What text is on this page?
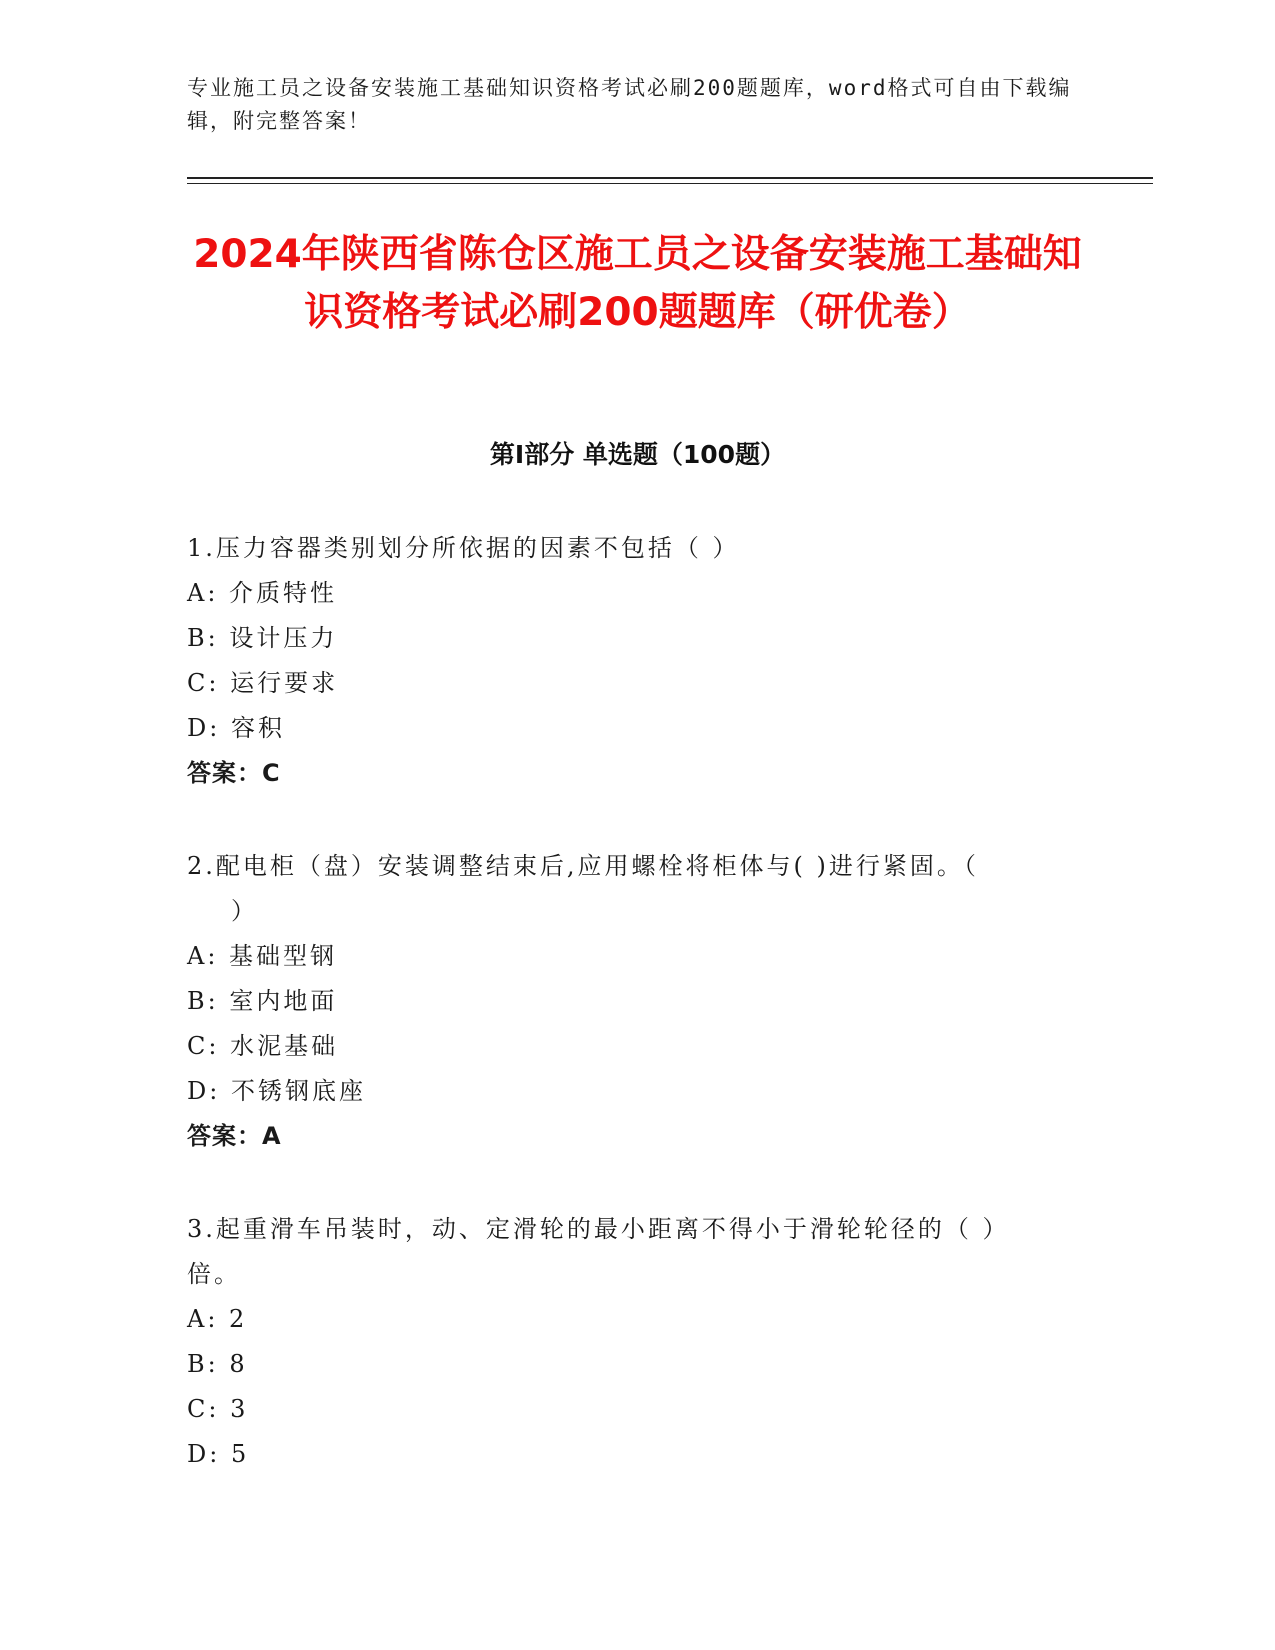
专业施工员之设备安装施工基础知识资格考试必刷200题题库，word格式可自由下载编辑，附完整答案！
2024年陕西省陈仓区施工员之设备安装施工基础知识资格考试必刷200题题库（研优卷）
第Ⅰ部分 单选题（100题）
1.压力容器类别划分所依据的因素不包括（ ）
A: 介质特性
B: 设计压力
C: 运行要求
D: 容积
答案：C
2.配电柜（盘）安装调整结束后,应用螺栓将柜体与( )进行紧固。（
）
A: 基础型钢
B: 室内地面
C: 水泥基础
D: 不锈钢底座
答案：A
3.起重滑车吊装时，动、定滑轮的最小距离不得小于滑轮轮径的（ ）
倍。
A: 2
B: 8
C: 3
D: 5
